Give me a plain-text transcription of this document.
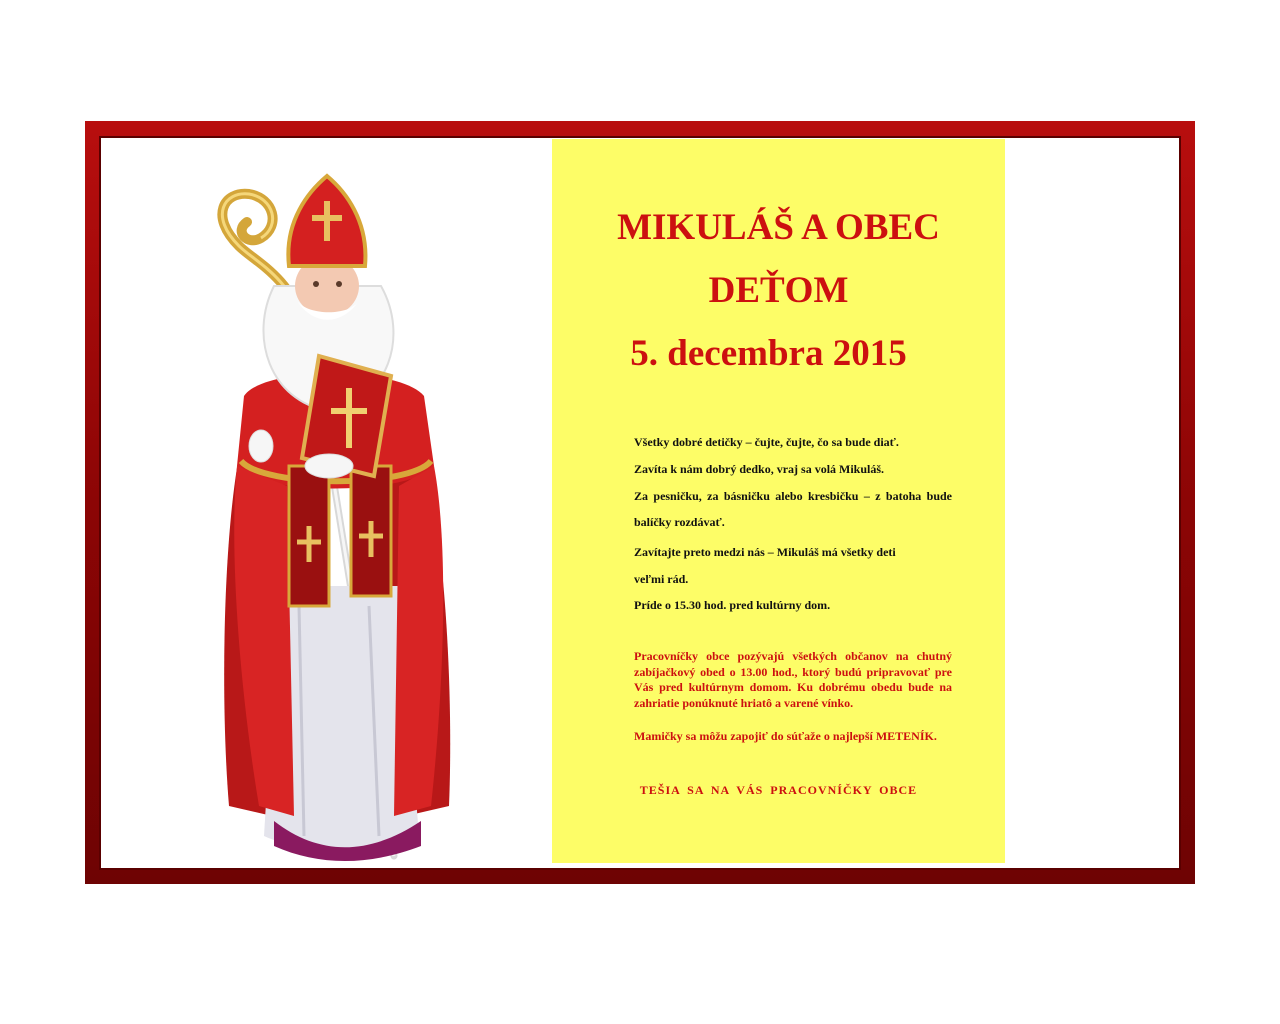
MIKULÁŠ A OBEC
DEŤOM
5. decembra 2015

Všetky dobré detičky – čujte, čujte, čo sa bude diať.

Zavíta k nám dobrý dedko, vraj sa volá Mikuláš.

Za pesničku, za básničku alebo kresbičku – z batoha bude

balíčky rozdávať.

Zavítajte preto medzi nás – Mikuláš má všetky deti

veľmi rád.

Príde o 15.30 hod. pred kultúrny dom.

Pracovníčky obce pozývajú všetkých občanov na chutný zabíjačkový obed o 13.00 hod., ktorý budú pripravovať pre Vás pred kultúrnym domom. Ku dobrému obedu bude na zahriatie ponúknuté hriatô a varené vínko.

Mamičky sa môžu zapojiť do súťaže o najlepší METENÍK.

TEŠIA SA NA VÁS PRACOVNÍČKY OBCE
